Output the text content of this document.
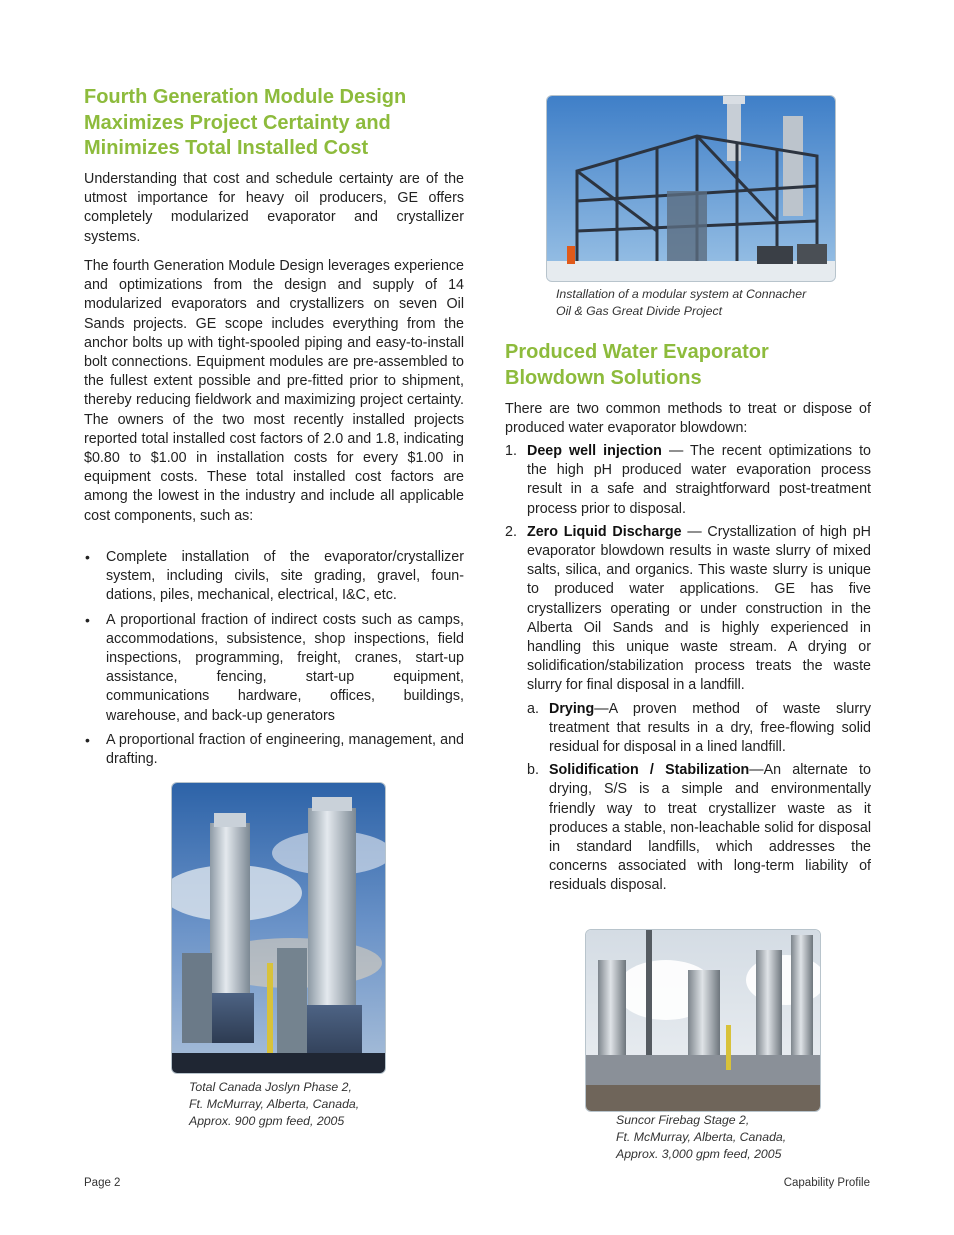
Fourth Generation Module Design Maximizes Project Certainty and Minimizes Total Installed Cost

Understanding that cost and schedule certainty are of the utmost importance for heavy oil producers, GE offers completely modularized evaporator and crystallizer systems.

The fourth Generation Module Design leverages experience and optimizations from the design and supply of 14 modularized evaporators and crystallizers on seven Oil Sands projects. GE scope includes everything from the anchor bolts up with tight-spooled piping and easy-to-install bolt connections. Equipment modules are pre-assembled to the fullest extent possible and pre-fitted prior to shipment, thereby reducing fieldwork and maximizing project certainty. The owners of the two most recently installed projects reported total installed cost factors of 2.0 and 1.8, indicating $0.80 to $1.00 in installation costs for every $1.00 in equipment costs. These total installed cost factors are among the lowest in the industry and include all applicable cost components, such as:

• Complete installation of the evaporator/crystallizer system, including civils, site grading, gravel, foundations, piles, mechanical, electrical, I&C, etc.
• A proportional fraction of indirect costs such as camps, accommodations, subsistence, shop inspections, field inspections, programming, freight, cranes, start-up assistance, fencing, start-up equipment, communications hardware, offices, buildings, warehouse, and back-up generators
• A proportional fraction of engineering, management, and drafting.

Total Canada Joslyn Phase 2,
Ft. McMurray, Alberta, Canada,
Approx. 900 gpm feed, 2005

Installation of a modular system at Connacher
Oil & Gas Great Divide Project

Produced Water Evaporator Blowdown Solutions

There are two common methods to treat or dispose of produced water evaporator blowdown:

1. Deep well injection — The recent optimizations to the high pH produced water evaporation process result in a safe and straightforward post-treatment process prior to disposal.
2. Zero Liquid Discharge — Crystallization of high pH evaporator blowdown results in waste slurry of mixed salts, silica, and organics. This waste slurry is unique to produced water applications. GE has five crystallizers operating or under construction in the Alberta Oil Sands and is highly experienced in handling this unique waste stream. A drying or solidification/stabilization process treats the waste slurry for final disposal in a landfill.
a. Drying—A proven method of waste slurry treatment that results in a dry, free-flowing solid residual for disposal in a lined landfill.
b. Solidification / Stabilization—An alternate to drying, S/S is a simple and environmentally friendly way to treat crystallizer waste as it produces a stable, non-leachable solid for disposal in standard landfills, which addresses the concerns associated with long-term liability of residuals disposal.

Suncor Firebag Stage 2,
Ft. McMurray, Alberta, Canada,
Approx. 3,000 gpm feed, 2005

Page 2	Capability Profile
